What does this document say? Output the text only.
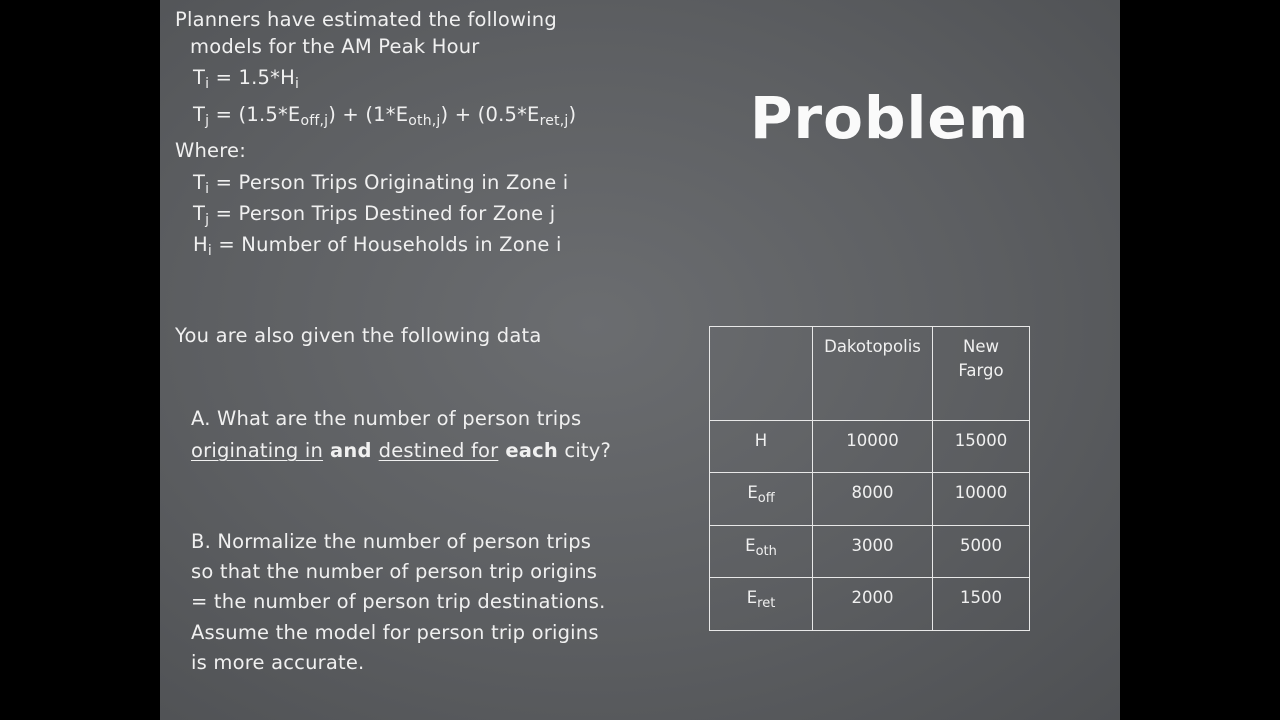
Planners have estimated the following
models for the AM Peak Hour
$T_i = 1.5*H_i$
$T_j = (1.5*E_{off,j}) + (1*E_{oth,j}) + (0.5*E_{ret,j})$
Where:
$T_i$ = Person Trips Originating in Zone i
$T_j$ = Person Trips Destined for Zone j
$H_i$ = Number of Households in Zone i
You are also given the following data
A. What are the number of person trips
originating in and destined for each city?
B. Normalize the number of person trips
so that the number of person trip origins
= the number of person trip destinations.
Assume the model for person trip origins
is more accurate.
Problem
	Dakotopolis	New
Fargo
H	10000	15000
$E_{off}$	8000	10000
$E_{oth}$	3000	5000
$E_{ret}$	2000	1500
